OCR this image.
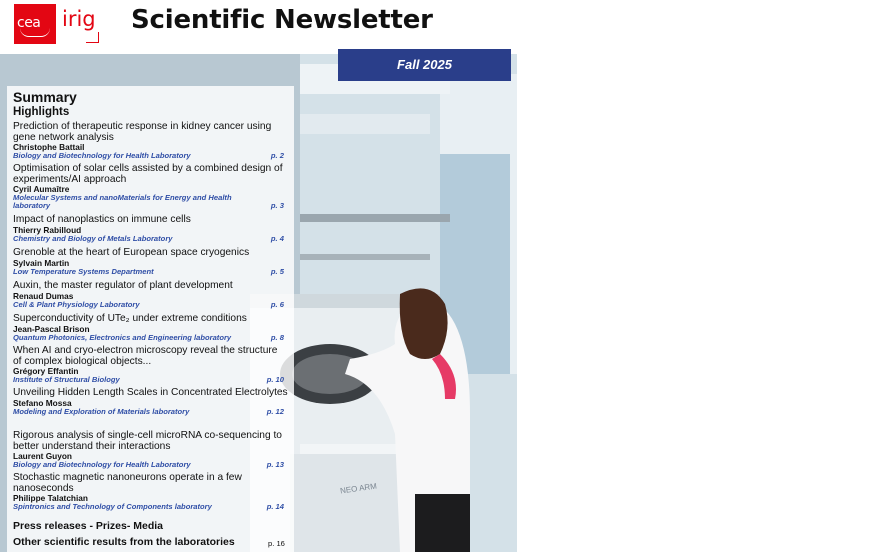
cea irig Scientific Newsletter
NEO ARM
Fall 2025
Summary
Highlights
Prediction of therapeutic response in kidney cancer using gene network analysis
Christophe Battail
Biology and Biotechnology for Health Laboratory	p. 2
Optimisation of solar cells assisted by a combined design of experiments/AI approach
Cyril Aumaître
Molecular Systems and nanoMaterials for Energy and Health laboratory	p. 3
Impact of nanoplastics on immune cells
Thierry Rabilloud
Chemistry and Biology of Metals Laboratory	p. 4
Grenoble at the heart of European space cryogenics
Sylvain Martin
Low Temperature Systems Department	p. 5
Auxin, the master regulator of plant development
Renaud Dumas
Cell & Plant Physiology Laboratory	p. 6
Superconductivity of UTe₂ under extreme conditions
Jean-Pascal Brison
Quantum Photonics, Electronics and Engineering laboratory	p. 8
When AI and cryo-electron microscopy reveal the structure of complex biological objects...
Grégory Effantin
Institute of Structural Biology	p. 10
Unveiling Hidden Length Scales in Concentrated Electrolytes
Stefano Mossa
Modeling and Exploration of Materials laboratory	p. 12
Rigorous analysis of single-cell microRNA co-sequencing to better understand their interactions
Laurent Guyon
Biology and Biotechnology for Health Laboratory	p. 13
Stochastic magnetic nanoneurons operate in a few nanoseconds
Philippe Talatchian
Spintronics and Technology of Components laboratory	p. 14
Press releases - Prizes- Media
Other scientific results from the laboratories	p. 16
